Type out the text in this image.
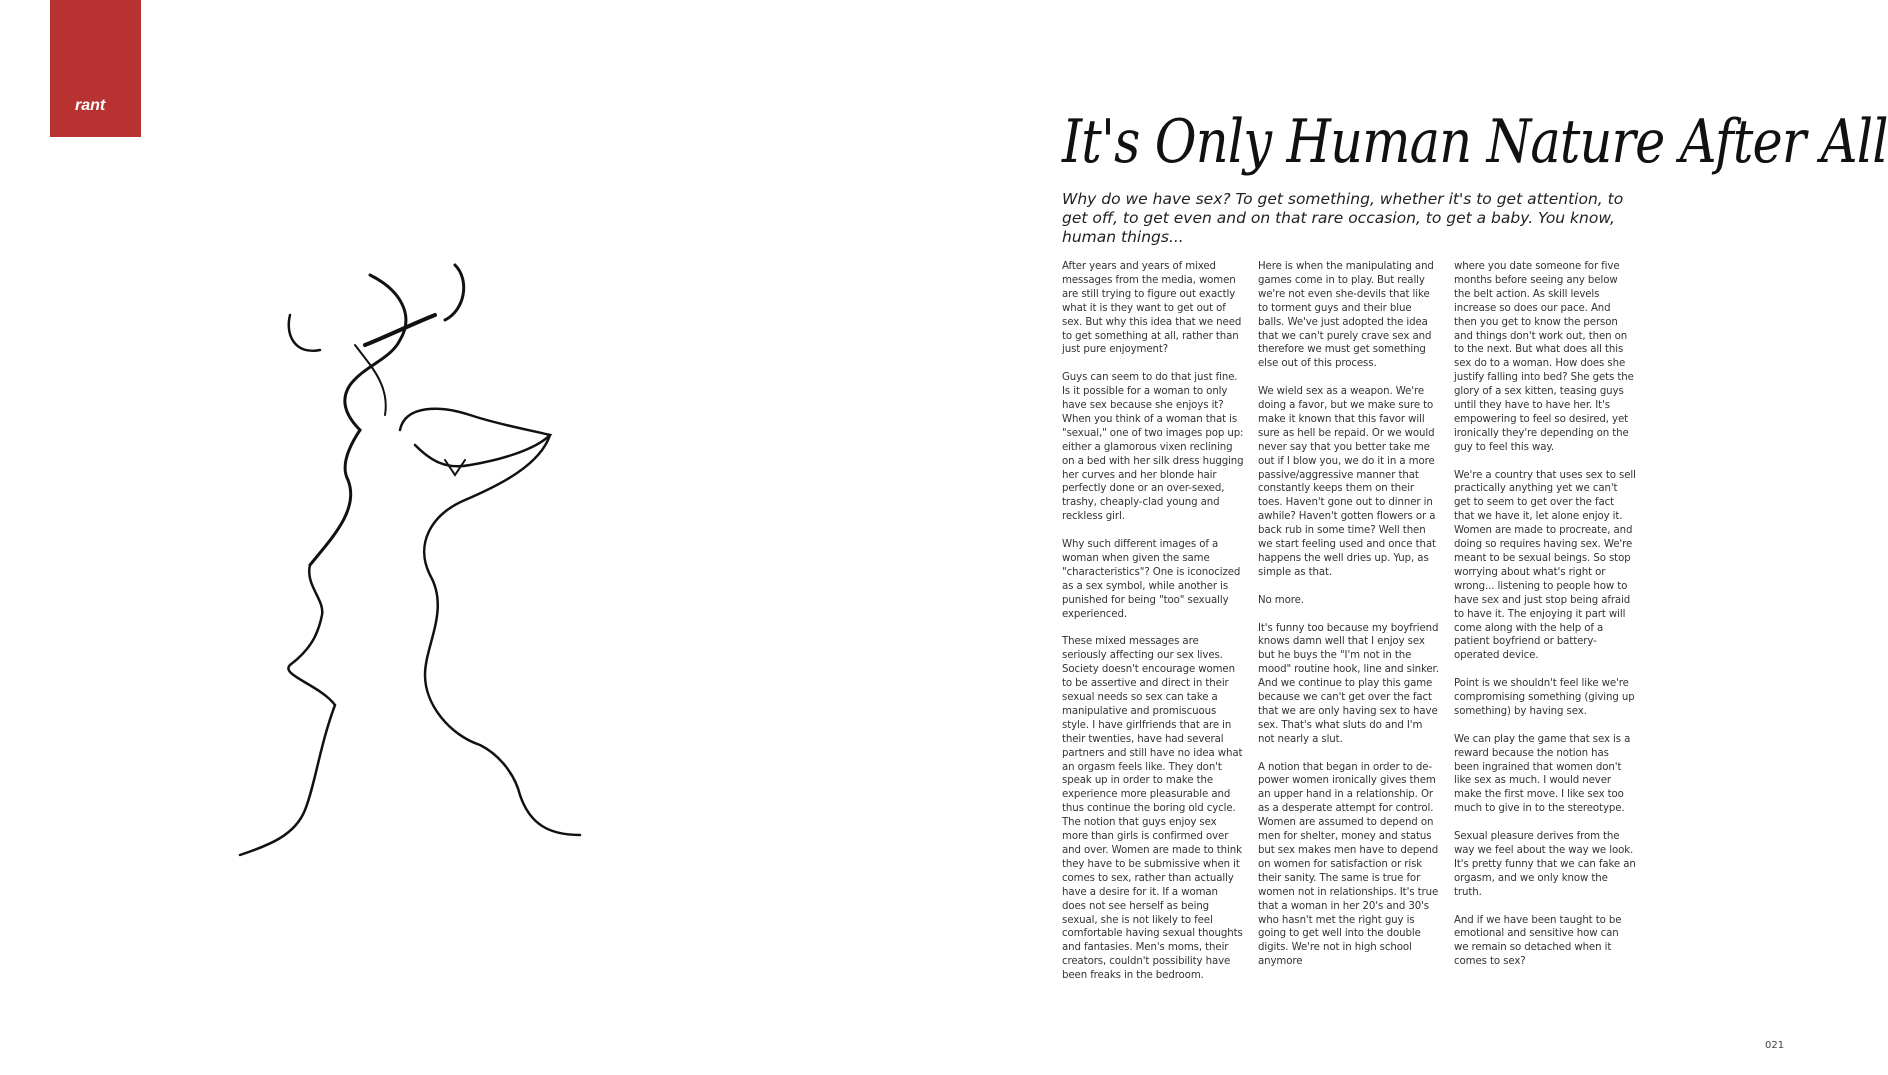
rant
It's Only Human Nature After All
Why do we have sex? To get something, whether it's to get attention, to get off, to get even and on that rare occasion, to get a baby. You know, human things...

After years and years of mixed messages from the media, women are still trying to figure out exactly what it is they want to get out of sex. But why this idea that we need to get something at all, rather than just pure enjoyment?

Guys can seem to do that just fine. Is it possible for a woman to only have sex because she enjoys it? When you think of a woman that is "sexual," one of two images pop up: either a glamorous vixen reclining on a bed with her silk dress hugging her curves and her blonde hair perfectly done or an over-sexed, trashy, cheaply-clad young and reckless girl.

Why such different images of a woman when given the same "characteristics"? One is iconocized as a sex symbol, while another is punished for being "too" sexually experienced.

These mixed messages are seriously affecting our sex lives. Society doesn't encourage women to be assertive and direct in their sexual needs so sex can take a manipulative and promiscuous style. I have girlfriends that are in their twenties, have had several partners and still have no idea what an orgasm feels like. They don't speak up in order to make the experience more pleasurable and thus continue the boring old cycle. The notion that guys enjoy sex more than girls is confirmed over and over. Women are made to think they have to be submissive when it comes to sex, rather than actually have a desire for it. If a woman does not see herself as being sexual, she is not likely to feel comfortable having sexual thoughts and fantasies. Men's moms, their creators, couldn't possibility have been freaks in the bedroom.

Here is when the manipulating and games come in to play. But really we're not even she-devils that like to torment guys and their blue balls. We've just adopted the idea that we can't purely crave sex and therefore we must get something else out of this process.

We wield sex as a weapon. We're doing a favor, but we make sure to make it known that this favor will sure as hell be repaid. Or we would never say that you better take me out if I blow you, we do it in a more passive/aggressive manner that constantly keeps them on their toes. Haven't gone out to dinner in awhile? Haven't gotten flowers or a back rub in some time? Well then we start feeling used and once that happens the well dries up. Yup, as simple as that.

No more.

It's funny too because my boyfriend knows damn well that I enjoy sex but he buys the "I'm not in the mood" routine hook, line and sinker. And we continue to play this game because we can't get over the fact that we are only having sex to have sex. That's what sluts do and I'm not nearly a slut.

A notion that began in order to de-power women ironically gives them an upper hand in a relationship. Or as a desperate attempt for control. Women are assumed to depend on men for shelter, money and status but sex makes men have to depend on women for satisfaction or risk their sanity. The same is true for women not in relationships. It's true that a woman in her 20's and 30's who hasn't met the right guy is going to get well into the double digits. We're not in high school anymore

where you date someone for five months before seeing any below the belt action. As skill levels increase so does our pace. And then you get to know the person and things don't work out, then on to the next. But what does all this sex do to a woman. How does she justify falling into bed? She gets the glory of a sex kitten, teasing guys until they have to have her. It's empowering to feel so desired, yet ironically they're depending on the guy to feel this way.

We're a country that uses sex to sell practically anything yet we can't get to seem to get over the fact that we have it, let alone enjoy it. Women are made to procreate, and doing so requires having sex. We're meant to be sexual beings. So stop worrying about what's right or wrong... listening to people how to have sex and just stop being afraid to have it. The enjoying it part will come along with the help of a patient boyfriend or battery-operated device.

Point is we shouldn't feel like we're compromising something (giving up something) by having sex.

We can play the game that sex is a reward because the notion has been ingrained that women don't like sex as much. I would never make the first move. I like sex too much to give in to the stereotype.

Sexual pleasure derives from the way we feel about the way we look. It's pretty funny that we can fake an orgasm, and we only know the truth.

And if we have been taught to be emotional and sensitive how can we remain so detached when it comes to sex?

021
